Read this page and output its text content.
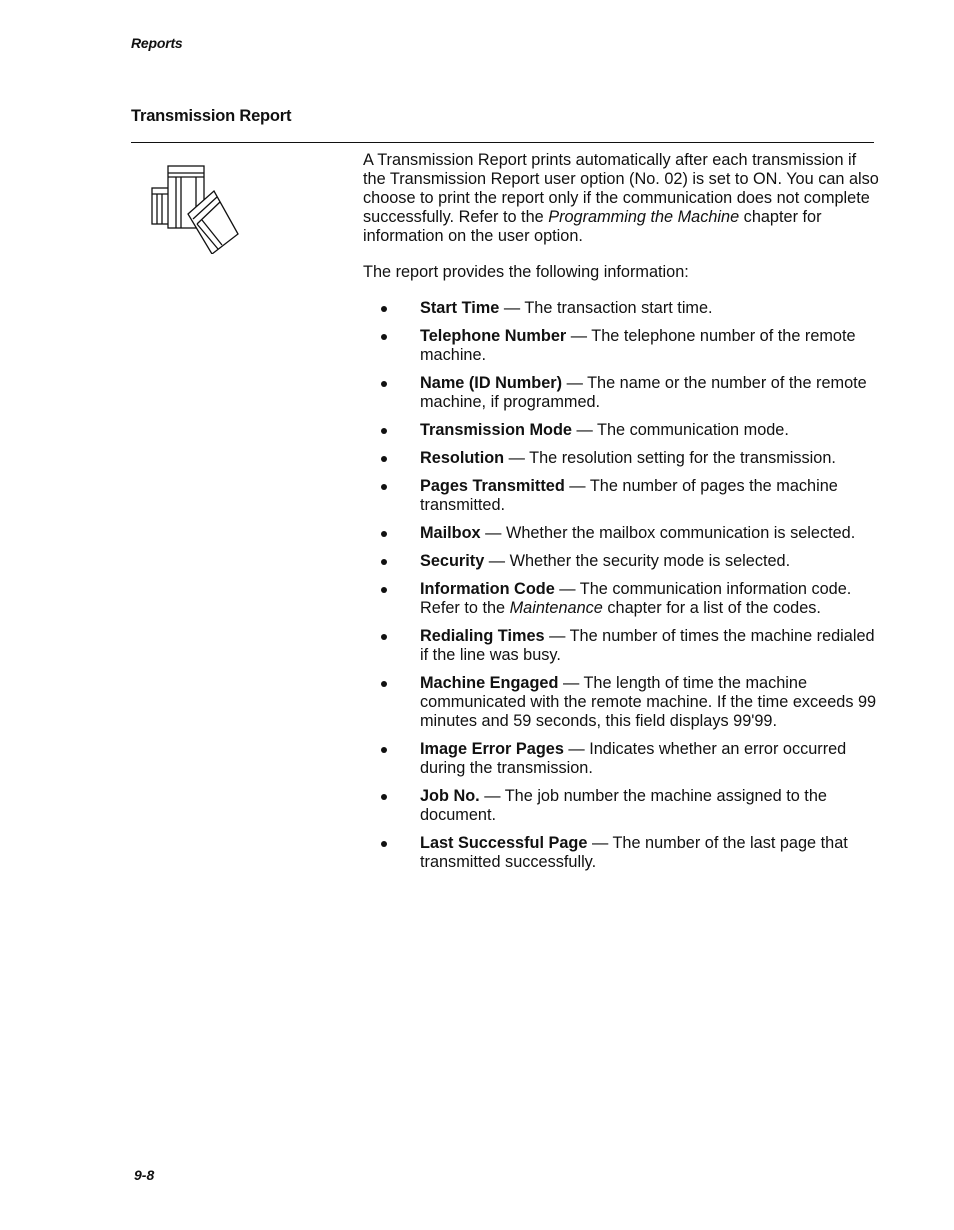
Reports
Transmission Report

A Transmission Report prints automatically after each transmission if the Transmission Report user option (No. 02) is set to ON. You can also choose to print the report only if the communication does not complete successfully. Refer to the Programming the Machine chapter for information on the user option.

The report provides the following information:

Start Time — The transaction start time.
Telephone Number — The telephone number of the remote machine.
Name (ID Number) — The name or the number of the remote machine, if programmed.
Transmission Mode — The communication mode.
Resolution — The resolution setting for the transmission.
Pages Transmitted — The number of pages the machine transmitted.
Mailbox — Whether the mailbox communication is selected.
Security — Whether the security mode is selected.
Information Code — The communication information code. Refer to the Maintenance chapter for a list of the codes.
Redialing Times — The number of times the machine redialed if the line was busy.
Machine Engaged — The length of time the machine communicated with the remote machine. If the time exceeds 99 minutes and 59 seconds, this field displays 99'99.
Image Error Pages — Indicates whether an error occurred during the transmission.
Job No. — The job number the machine assigned to the document.
Last Successful Page — The number of the last page that transmitted successfully.
9-8
